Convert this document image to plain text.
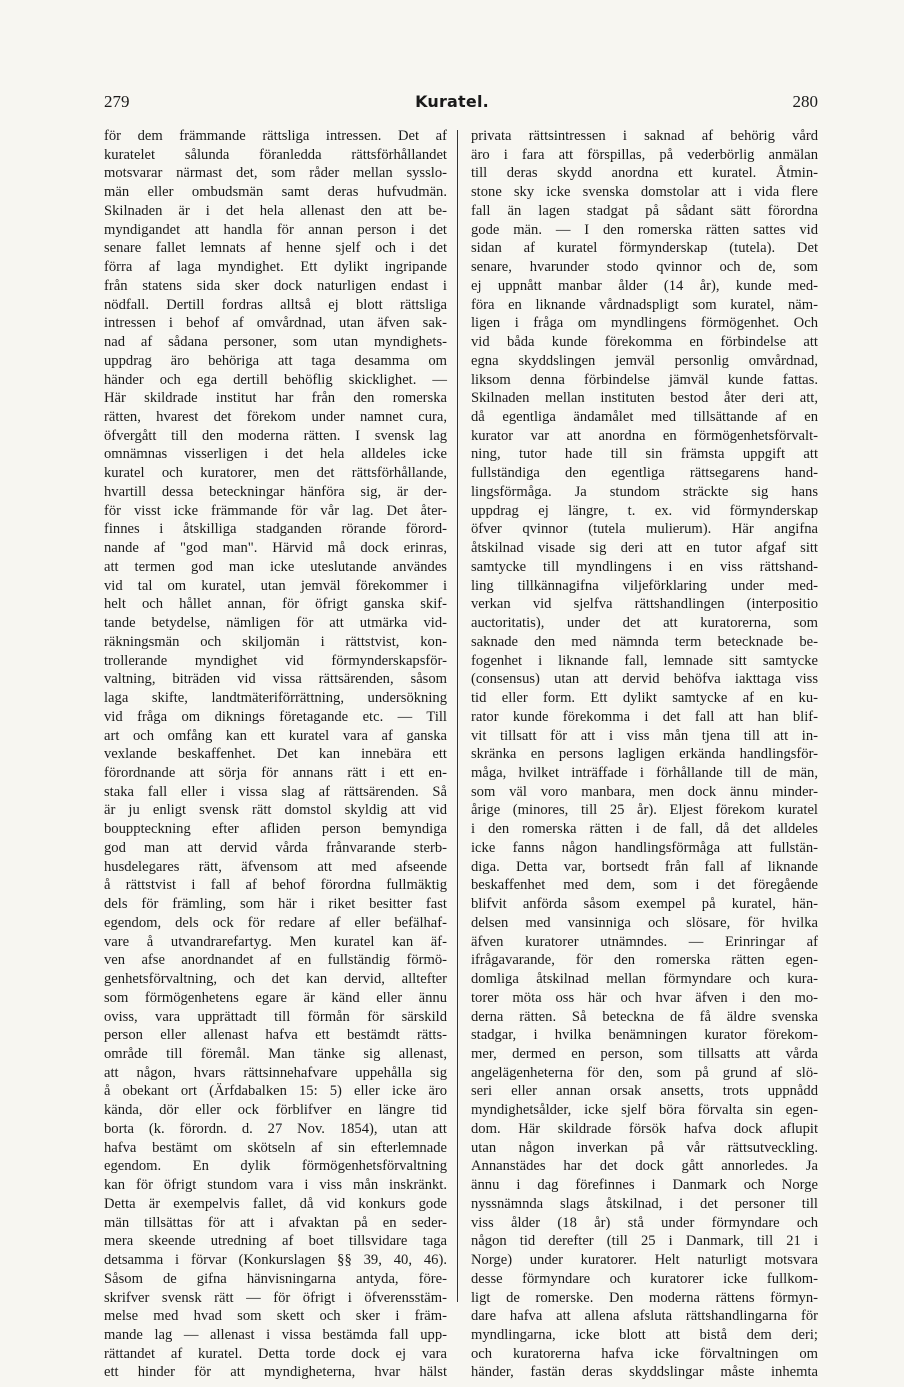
279	Kuratel.	280
för dem främmande rättsliga intressen. Det af
kuratelet sålunda föranledda rättsförhållandet
motsvarar närmast det, som råder mellan sysslo-
män eller ombudsmän samt deras hufvudmän.
Skilnaden är i det hela allenast den att be-
myndigandet att handla för annan person i det
senare fallet lemnats af henne sjelf och i det
förra af laga myndighet. Ett dylikt ingripande
från statens sida sker dock naturligen endast i
nödfall. Dertill fordras alltså ej blott rättsliga
intressen i behof af omvårdnad, utan äfven sak-
nad af sådana personer, som utan myndighets-
uppdrag äro behöriga att taga desamma om
händer och ega dertill behöflig skicklighet. —
Här skildrade institut har från den romerska
rätten, hvarest det förekom under namnet cura,
öfvergått till den moderna rätten. I svensk lag
omnämnas visserligen i det hela alldeles icke
kuratel och kuratorer, men det rättsförhållande,
hvartill dessa beteckningar hänföra sig, är der-
för visst icke främmande för vår lag. Det åter-
finnes i åtskilliga stadganden rörande förord-
nande af "god man". Härvid må dock erinras,
att termen god man icke uteslutande användes
vid tal om kuratel, utan jemväl förekommer i
helt och hållet annan, för öfrigt ganska skif-
tande betydelse, nämligen för att utmärka vid-
räkningsmän och skiljomän i rättstvist, kon-
trollerande myndighet vid förmynderskapsför-
valtning, biträden vid vissa rättsärenden, såsom
laga skifte, landtmäteriförrättning, undersökning
vid fråga om diknings företagande etc. — Till
art och omfång kan ett kuratel vara af ganska
vexlande beskaffenhet. Det kan innebära ett
förordnande att sörja för annans rätt i ett en-
staka fall eller i vissa slag af rättsärenden. Så
är ju enligt svensk rätt domstol skyldig att vid
bouppteckning efter afliden person bemyndiga
god man att dervid vårda frånvarande sterb-
husdelegares rätt, äfvensom att med afseende
å rättstvist i fall af behof förordna fullmäktig
dels för främling, som här i riket besitter fast
egendom, dels ock för redare af eller befälhaf-
vare å utvandrarefartyg. Men kuratel kan äf-
ven afse anordnandet af en fullständig förmö-
genhetsförvaltning, och det kan dervid, alltefter
som förmögenhetens egare är känd eller ännu
oviss, vara upprättadt till förmån för särskild
person eller allenast hafva ett bestämdt rätts-
område till föremål. Man tänke sig allenast,
att någon, hvars rättsinnehafvare uppehålla sig
å obekant ort (Ärfdabalken 15: 5) eller icke äro
kända, dör eller ock förblifver en längre tid
borta (k. förordn. d. 27 Nov. 1854), utan att
hafva bestämt om skötseln af sin efterlemnade
egendom. En dylik förmögenhetsförvaltning
kan för öfrigt stundom vara i viss mån inskränkt.
Detta är exempelvis fallet, då vid konkurs gode
män tillsättas för att i afvaktan på en seder-
mera skeende utredning af boet tillsvidare taga
detsamma i förvar (Konkurslagen §§ 39, 40, 46).
Såsom de gifna hänvisningarna antyda, före-
skrifver svensk rätt — för öfrigt i öfverensstäm-
melse med hvad som skett och sker i främ-
mande lag — allenast i vissa bestämda fall upp-
rättandet af kuratel. Detta torde dock ej vara
ett hinder för att myndigheterna, hvar hälst
privata rättsintressen i saknad af behörig vård
äro i fara att förspillas, på vederbörlig anmälan
till deras skydd anordna ett kuratel. Åtmin-
stone sky icke svenska domstolar att i vida flere
fall än lagen stadgat på sådant sätt förordna
gode män. — I den romerska rätten sattes vid
sidan af kuratel förmynderskap (tutela). Det
senare, hvarunder stodo qvinnor och de, som
ej uppnått manbar ålder (14 år), kunde med-
föra en liknande vårdnadspligt som kuratel, näm-
ligen i fråga om myndlingens förmögenhet. Och
vid båda kunde förekomma en förbindelse att
egna skyddslingen jemväl personlig omvårdnad,
liksom denna förbindelse jämväl kunde fattas.
Skilnaden mellan instituten bestod åter deri att,
då egentliga ändamålet med tillsättande af en
kurator var att anordna en förmögenhetsförvalt-
ning, tutor hade till sin främsta uppgift att
fullständiga den egentliga rättsegarens hand-
lingsförmåga. Ja stundom sträckte sig hans
uppdrag ej längre, t. ex. vid förmynderskap
öfver qvinnor (tutela mulierum). Här angifna
åtskilnad visade sig deri att en tutor afgaf sitt
samtycke till myndlingens i en viss rättshand-
ling tillkännagifna viljeförklaring under med-
verkan vid sjelfva rättshandlingen (interpositio
auctoritatis), under det att kuratorerna, som
saknade den med nämnda term betecknade be-
fogenhet i liknande fall, lemnade sitt samtycke
(consensus) utan att dervid behöfva iakttaga viss
tid eller form. Ett dylikt samtycke af en ku-
rator kunde förekomma i det fall att han blif-
vit tillsatt för att i viss mån tjena till att in-
skränka en persons lagligen erkända handlingsför-
måga, hvilket inträffade i förhållande till de män,
som väl voro manbara, men dock ännu minder-
årige (minores, till 25 år). Eljest förekom kuratel
i den romerska rätten i de fall, då det alldeles
icke fanns någon handlingsförmåga att fullstän-
diga. Detta var, bortsedt från fall af liknande
beskaffenhet med dem, som i det föregående
blifvit anförda såsom exempel på kuratel, hän-
delsen med vansinniga och slösare, för hvilka
äfven kuratorer utnämndes. — Erinringar af
ifrågavarande, för den romerska rätten egen-
domliga åtskilnad mellan förmyndare och kura-
torer möta oss här och hvar äfven i den mo-
derna rätten. Så beteckna de få äldre svenska
stadgar, i hvilka benämningen kurator förekom-
mer, dermed en person, som tillsatts att vårda
angelägenheterna för den, som på grund af slö-
seri eller annan orsak ansetts, trots uppnådd
myndighetsålder, icke sjelf böra förvalta sin egen-
dom. Här skildrade försök hafva dock aflupit
utan någon inverkan på vår rättsutveckling.
Annanstädes har det dock gått annorledes. Ja
ännu i dag förefinnes i Danmark och Norge
nyssnämnda slags åtskilnad, i det personer till
viss ålder (18 år) stå under förmyndare och
någon tid derefter (till 25 i Danmark, till 21 i
Norge) under kuratorer. Helt naturligt motsvara
desse förmyndare och kuratorer icke fullkom-
ligt de romerske. Den moderna rättens förmyn-
dare hafva att allena afsluta rättshandlingarna för
myndlingarna, icke blott att bistå dem deri;
och kuratorerna hafva icke förvaltningen om
händer, fastän deras skyddslingar måste inhemta
